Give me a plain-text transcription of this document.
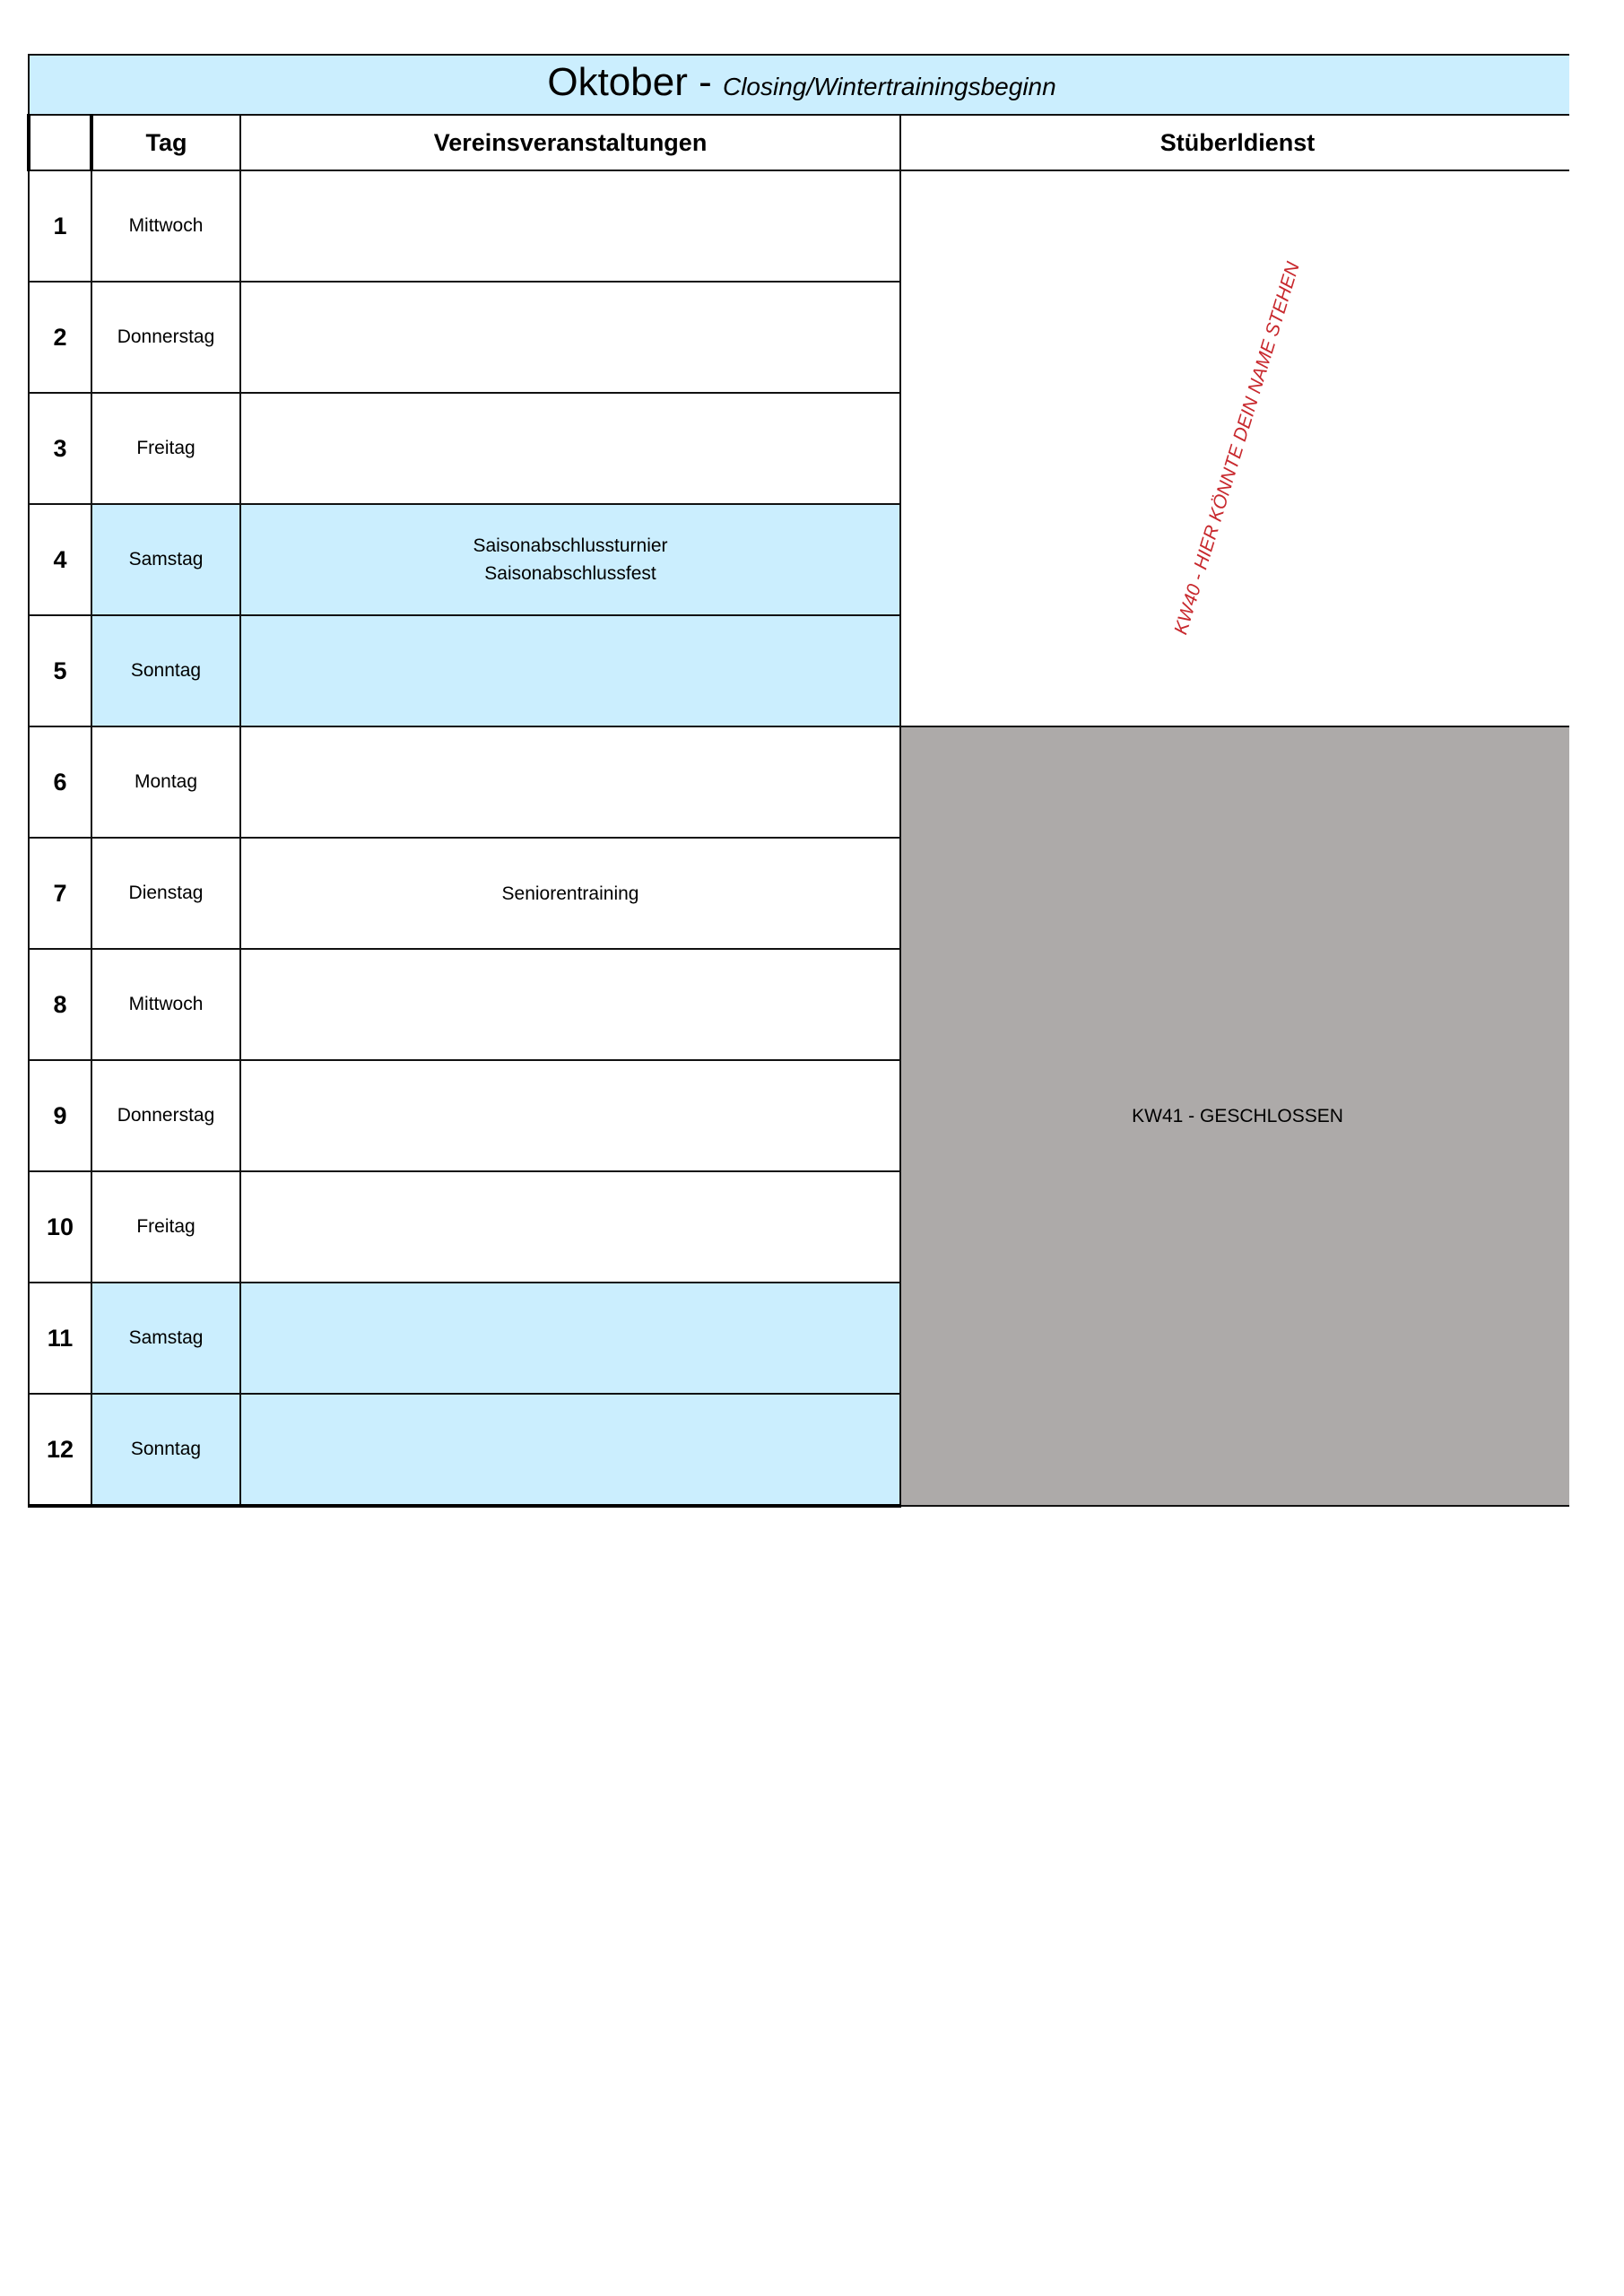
Oktober - Closing/Wintertrainingsbeginn			
	Tag	Vereinsveranstaltungen	Stüberldienst
1	Mittwoch		KW40 - HIER KÖNNTE DEIN NAME STEHEN

2	Donnerstag		
3	Freitag		
4	Samstag	Saisonabschlussturnier
Saisonabschlussfest	
5	Sonntag		
6	Montag		KW41 - GESCHLOSSEN
7	Dienstag	Seniorentraining	
8	Mittwoch		
9	Donnerstag		
10	Freitag		
11	Samstag		
12	Sonntag		
